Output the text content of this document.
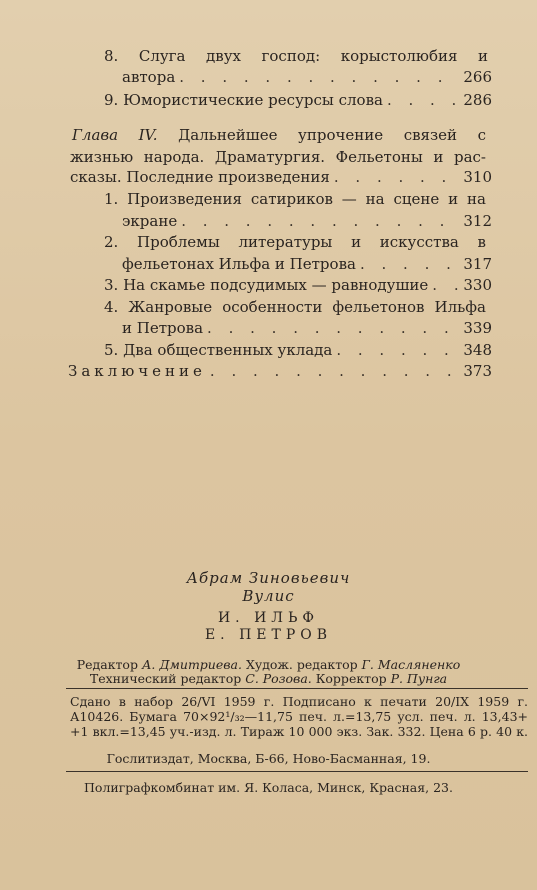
8. Слуга двух господ: корыстолюбия и
автора . . .	266
9. Юмористические ресурсы слова . . .	286
Глава IV. Дальнейшее упрочение связей с
жизнью народа. Драматургия. Фельетоны и рас-
сказы. Последние произведения . . .	310
1. Произведения сатириков — на сцене и на
экране . . .	312
2. Проблемы литературы и искусства в
фельетонах Ильфа и Петрова . . .	317
3. На скамье подсудимых — равнодушие . . . 330
4. Жанровые особенности фельетонов Ильфа
и Петрова . . .	339
5. Два общественных уклада . . .	348
Заключение . . .	373
Абрам Зиновьевич
Вулис
И. ИЛЬФ
Е. ПЕТРОВ
Редактор А. Дмитриева. Худож. редактор Г. Масляненко
Технический редактор С. Розова. Корректор Р. Пунга
Сдано в набор 26/VI 1959 г. Подписано к печати 20/IX 1959 г.
А10426. Бумага 70×92¹/₃₂—11,75 печ. л.=13,75 усл. печ. л. 13,43+
+1 вкл.=13,45 уч.-изд. л. Тираж 10 000 экз. Зак. 332. Цена 6 р. 40 к.
Гослитиздат, Москва, Б-66, Ново-Басманная, 19.
Полиграфкомбинат им. Я. Коласа, Минск, Красная, 23.
